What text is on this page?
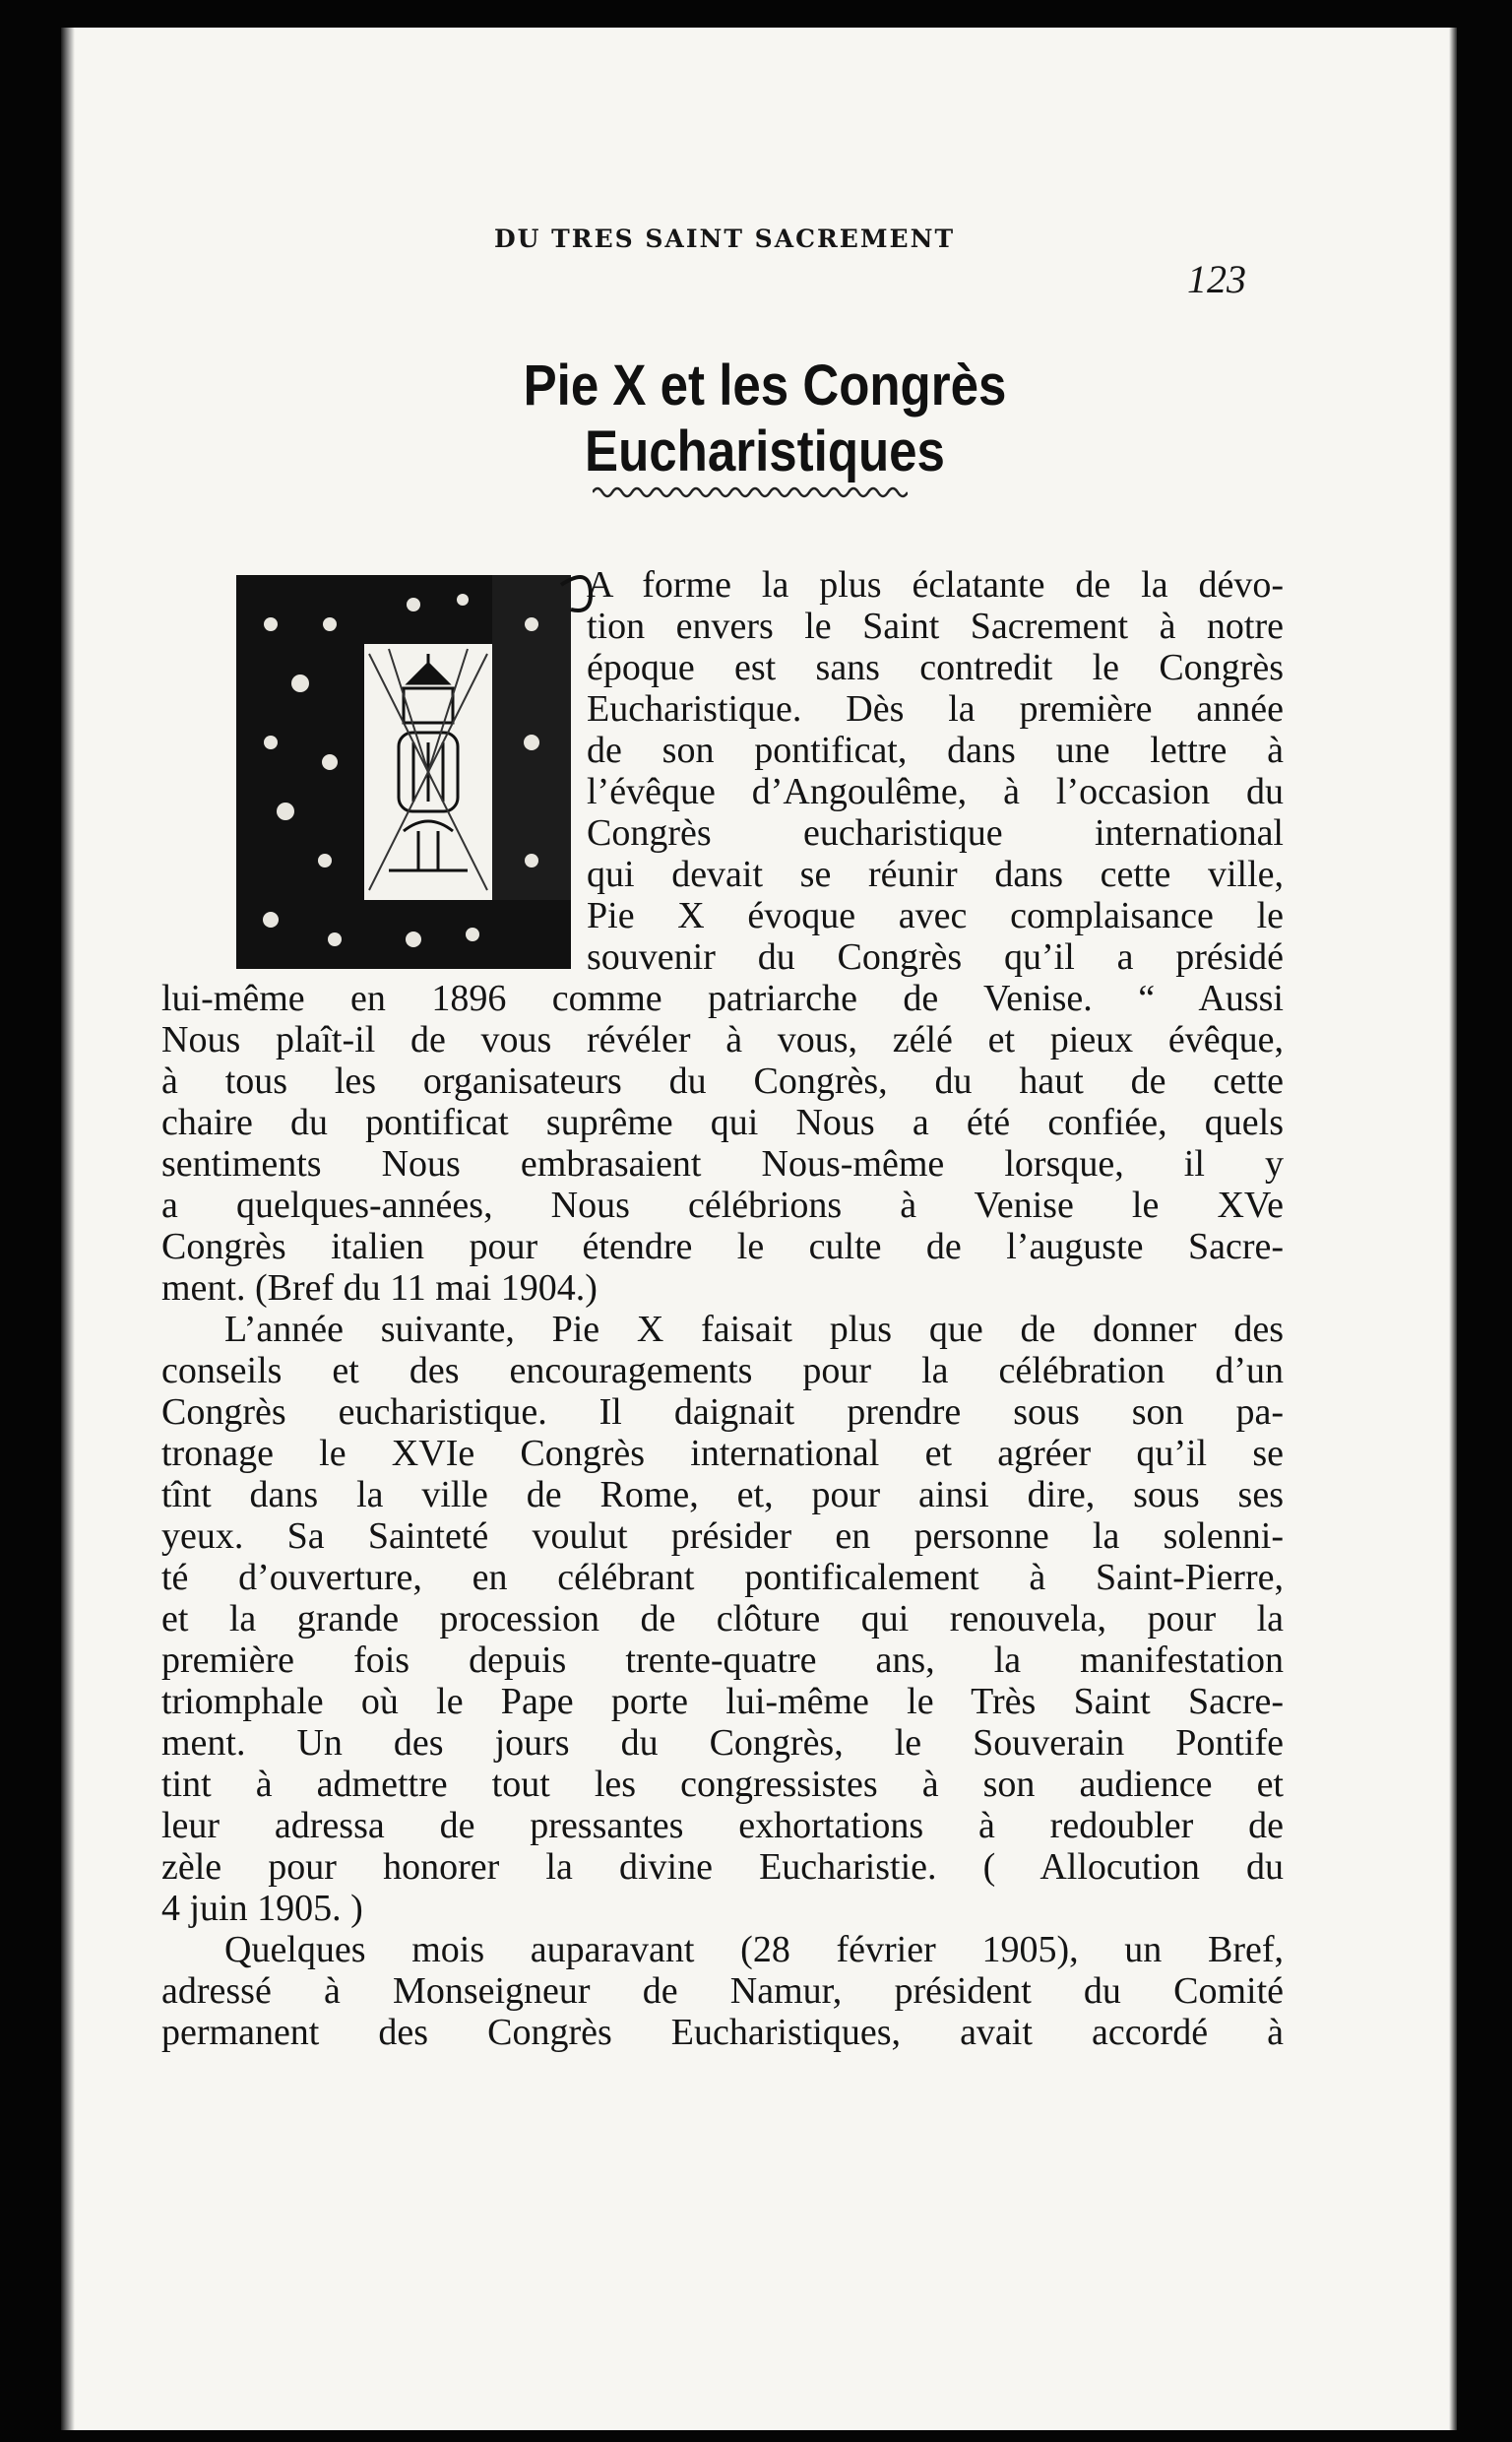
DU TRES SAINT SACREMENT
123
Pie X et les Congrès Eucharistiques
A forme la plus éclatante de la dévo-
tion envers le Saint Sacrement à notre
époque est sans contredit le Congrès
Eucharistique. Dès la première année
de son pontificat, dans une lettre à
l’évêque d’Angoulême, à l’occasion du
Congrès eucharistique international
qui devait se réunir dans cette ville,
Pie X évoque avec complaisance le
souvenir du Congrès qu’il a présidé
lui-même en 1896 comme patriarche de Venise. “ Aussi
Nous plaît-il de vous révéler à vous, zélé et pieux évêque,
à tous les organisateurs du Congrès, du haut de cette
chaire du pontificat suprême qui Nous a été confiée, quels
sentiments Nous embrasaient Nous-même lorsque, il y
a quelques-années, Nous célébrions à Venise le XVe
Congrès italien pour étendre le culte de l’auguste Sacre-
ment. (Bref du 11 mai 1904.)
L’année suivante, Pie X faisait plus que de donner des
conseils et des encouragements pour la célébration d’un
Congrès eucharistique. Il daignait prendre sous son pa-
tronage le XVIe Congrès international et agréer qu’il se
tînt dans la ville de Rome, et, pour ainsi dire, sous ses
yeux. Sa Sainteté voulut présider en personne la solenni-
té d’ouverture, en célébrant pontificalement à Saint-Pierre,
et la grande procession de clôture qui renouvela, pour la
première fois depuis trente-quatre ans, la manifestation
triomphale où le Pape porte lui-même le Très Saint Sacre-
ment. Un des jours du Congrès, le Souverain Pontife
tint à admettre tout les congressistes à son audience et
leur adressa de pressantes exhortations à redoubler de
zèle pour honorer la divine Eucharistie. ( Allocution du
4 juin 1905. )
Quelques mois auparavant (28 février 1905), un Bref,
adressé à Monseigneur de Namur, président du Comité
permanent des Congrès Eucharistiques, avait accordé à
